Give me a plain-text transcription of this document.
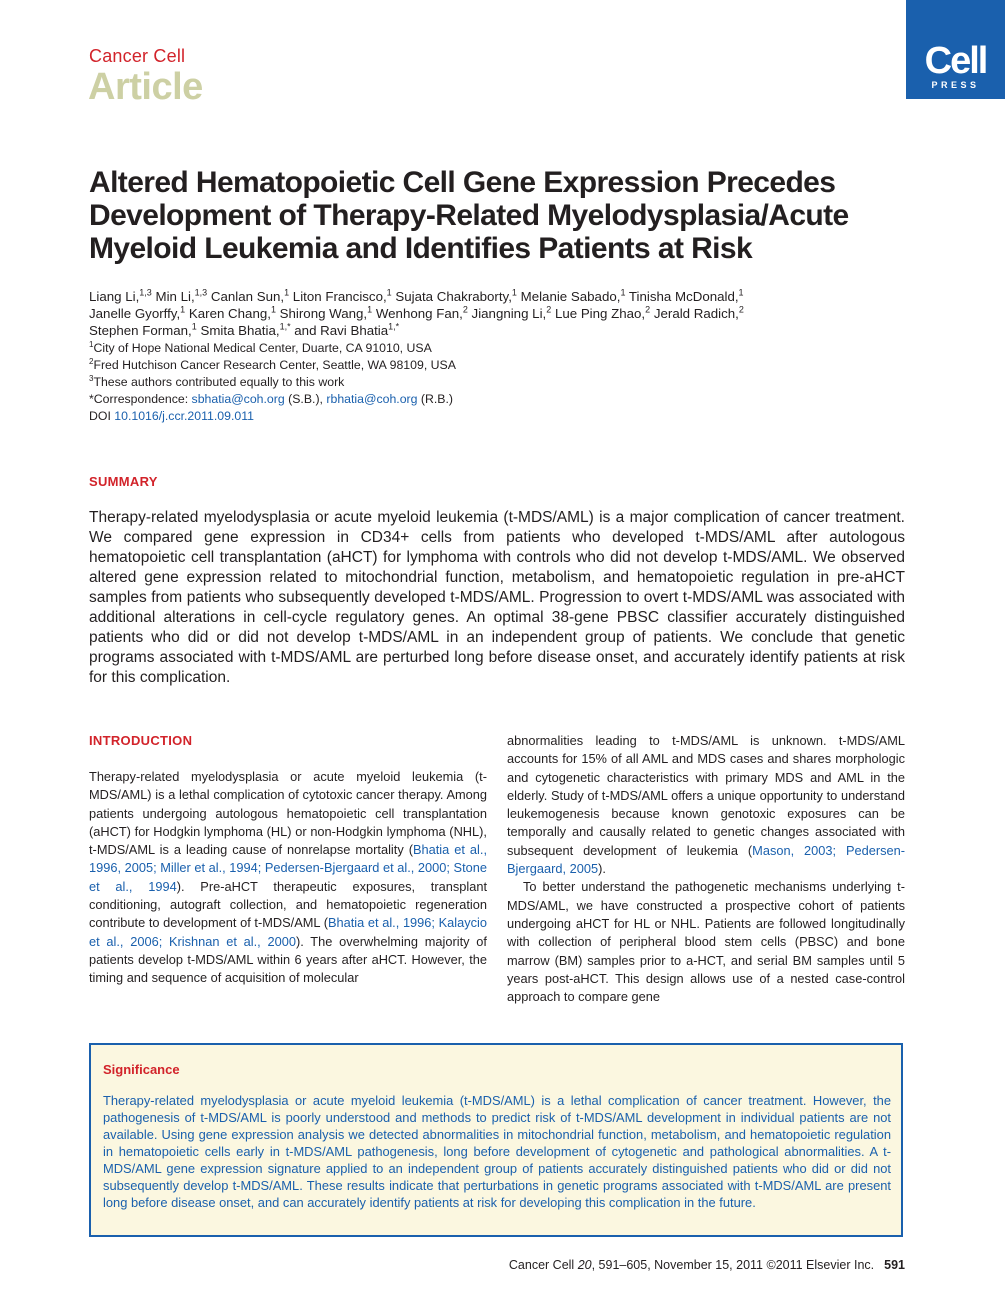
Cancer Cell
Article
Cell
PRESS
Altered Hematopoietic Cell Gene Expression Precedes Development of Therapy-Related Myelodysplasia/Acute Myeloid Leukemia and Identifies Patients at Risk
Liang Li,$^{1,3}$ Min Li,$^{1,3}$ Canlan Sun,$^1$ Liton Francisco,$^1$ Sujata Chakraborty,$^1$ Melanie Sabado,$^1$ Tinisha McDonald,$^1$
Janelle Gyorffy,$^1$ Karen Chang,$^1$ Shirong Wang,$^1$ Wenhong Fan,$^2$ Jiangning Li,$^2$ Lue Ping Zhao,$^2$ Jerald Radich,$^2$
Stephen Forman,$^1$ Smita Bhatia,$^{1,*}$ and Ravi Bhatia$^{1,*}$
$^1$City of Hope National Medical Center, Duarte, CA 91010, USA
$^2$Fred Hutchison Cancer Research Center, Seattle, WA 98109, USA
$^3$These authors contributed equally to this work
*Correspondence: sbhatia@coh.org (S.B.), rbhatia@coh.org (R.B.)
DOI 10.1016/j.ccr.2011.09.011
SUMMARY

Therapy-related myelodysplasia or acute myeloid leukemia (t-MDS/AML) is a major complication of cancer treatment. We compared gene expression in CD34+ cells from patients who developed t-MDS/AML after autologous hematopoietic cell transplantation (aHCT) for lymphoma with controls who did not develop t-MDS/AML. We observed altered gene expression related to mitochondrial function, metabolism, and hematopoietic regulation in pre-aHCT samples from patients who subsequently developed t-MDS/AML. Progression to overt t-MDS/AML was associated with additional alterations in cell-cycle regulatory genes. An optimal 38-gene PBSC classifier accurately distinguished patients who did or did not develop t-MDS/AML in an independent group of patients. We conclude that genetic programs associated with t-MDS/AML are perturbed long before disease onset, and accurately identify patients at risk for this complication.

INTRODUCTION

Therapy-related myelodysplasia or acute myeloid leukemia (t-MDS/AML) is a lethal complication of cytotoxic cancer therapy. Among patients undergoing autologous hematopoietic cell transplantation (aHCT) for Hodgkin lymphoma (HL) or non-Hodgkin lymphoma (NHL), t-MDS/AML is a leading cause of nonrelapse mortality (Bhatia et al., 1996, 2005; Miller et al., 1994; Pedersen-Bjergaard et al., 2000; Stone et al., 1994). Pre-aHCT therapeutic exposures, transplant conditioning, autograft collection, and hematopoietic regeneration contribute to development of t-MDS/AML (Bhatia et al., 1996; Kalaycio et al., 2006; Krishnan et al., 2000). The overwhelming majority of patients develop t-MDS/AML within 6 years after aHCT. However, the timing and sequence of acquisition of molecular

abnormalities leading to t-MDS/AML is unknown. t-MDS/AML accounts for 15% of all AML and MDS cases and shares morphologic and cytogenetic characteristics with primary MDS and AML in the elderly. Study of t-MDS/AML offers a unique opportunity to understand leukemogenesis because known genotoxic exposures can be temporally and causally related to genetic changes associated with subsequent development of leukemia (Mason, 2003; Pedersen-Bjergaard, 2005).

To better understand the pathogenetic mechanisms underlying t-MDS/AML, we have constructed a prospective cohort of patients undergoing aHCT for HL or NHL. Patients are followed longitudinally with collection of peripheral blood stem cells (PBSC) and bone marrow (BM) samples prior to a-HCT, and serial BM samples until 5 years post-aHCT. This design allows use of a nested case-control approach to compare gene

Significance

Therapy-related myelodysplasia or acute myeloid leukemia (t-MDS/AML) is a lethal complication of cancer treatment. However, the pathogenesis of t-MDS/AML is poorly understood and methods to predict risk of t-MDS/AML development in individual patients are not available. Using gene expression analysis we detected abnormalities in mitochondrial function, metabolism, and hematopoietic regulation in hematopoietic cells early in t-MDS/AML pathogenesis, long before development of cytogenetic and pathological abnormalities. A t-MDS/AML gene expression signature applied to an independent group of patients accurately distinguished patients who did or did not subsequently develop t-MDS/AML. These results indicate that perturbations in genetic programs associated with t-MDS/AML are present long before disease onset, and can accurately identify patients at risk for developing this complication in the future.

Cancer Cell 20, 591–605, November 15, 2011 ©2011 Elsevier Inc. 591
